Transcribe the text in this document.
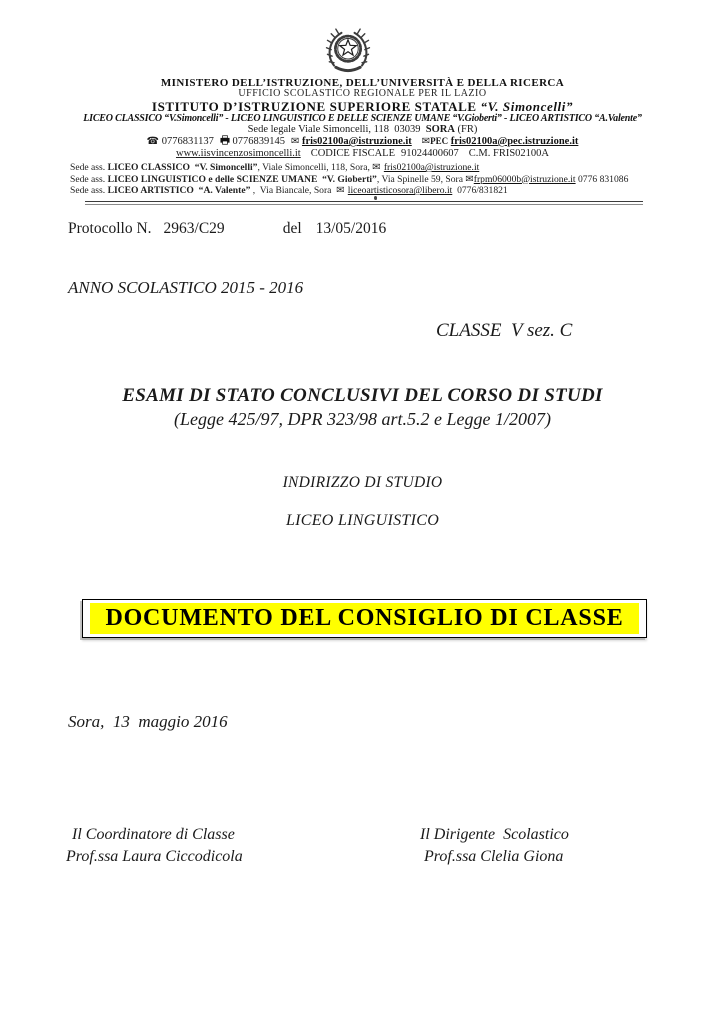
MINISTERO DELL’ISTRUZIONE, DELL’UNIVERSITÀ E DELLA RICERCA
UFFICIO SCOLASTICO REGIONALE PER IL LAZIO
ISTITUTO D’ISTRUZIONE SUPERIORE STATALE “V. Simoncelli”
LICEO CLASSICO “V.Simoncelli” - LICEO LINGUISTICO E DELLE SCIENZE UMANE “V.Gioberti” - LICEO ARTISTICO “A.Valente”
Sede legale Viale Simoncelli, 118  03039  SORA (FR)
☎ 0776831137 0776839145 ✉ fris02100a@istruzione.it ✉PEC fris02100a@pec.istruzione.it
www.iisvincenzosimoncelli.it CODICE FISCALE 91024400607 C.M. FRIS02100A
Sede ass. LICEO CLASSICO  “V. Simoncelli”, Viale Simoncelli, 118, Sora, ✉ fris02100a@istruzione.it
Sede ass. LICEO LINGUISTICO e delle SCIENZE UMANE  “V. Gioberti”, Via Spinelle 59, Sora ✉frpm06000b@istruzione.it 0776 831086
Sede ass. LICEO ARTISTICO  “A. Valente” ,  Via Biancale, Sora  ✉ liceoartisticosora@libero.it  0776/831821
Protocollo N. 2963/C29	del 13/05/2016
ANNO SCOLASTICO 2015 - 2016
CLASSE  V sez. C
ESAMI DI STATO CONCLUSIVI DEL CORSO DI STUDI
(Legge 425/97, DPR 323/98 art.5.2 e Legge 1/2007)
INDIRIZZO DI STUDIO
LICEO LINGUISTICO
DOCUMENTO DEL CONSIGLIO DI CLASSE
Sora,  13  maggio 2016
Il Coordinatore di Classe
Prof.ssa Laura Ciccodicola
Il Dirigente  Scolastico
Prof.ssa Clelia Giona
